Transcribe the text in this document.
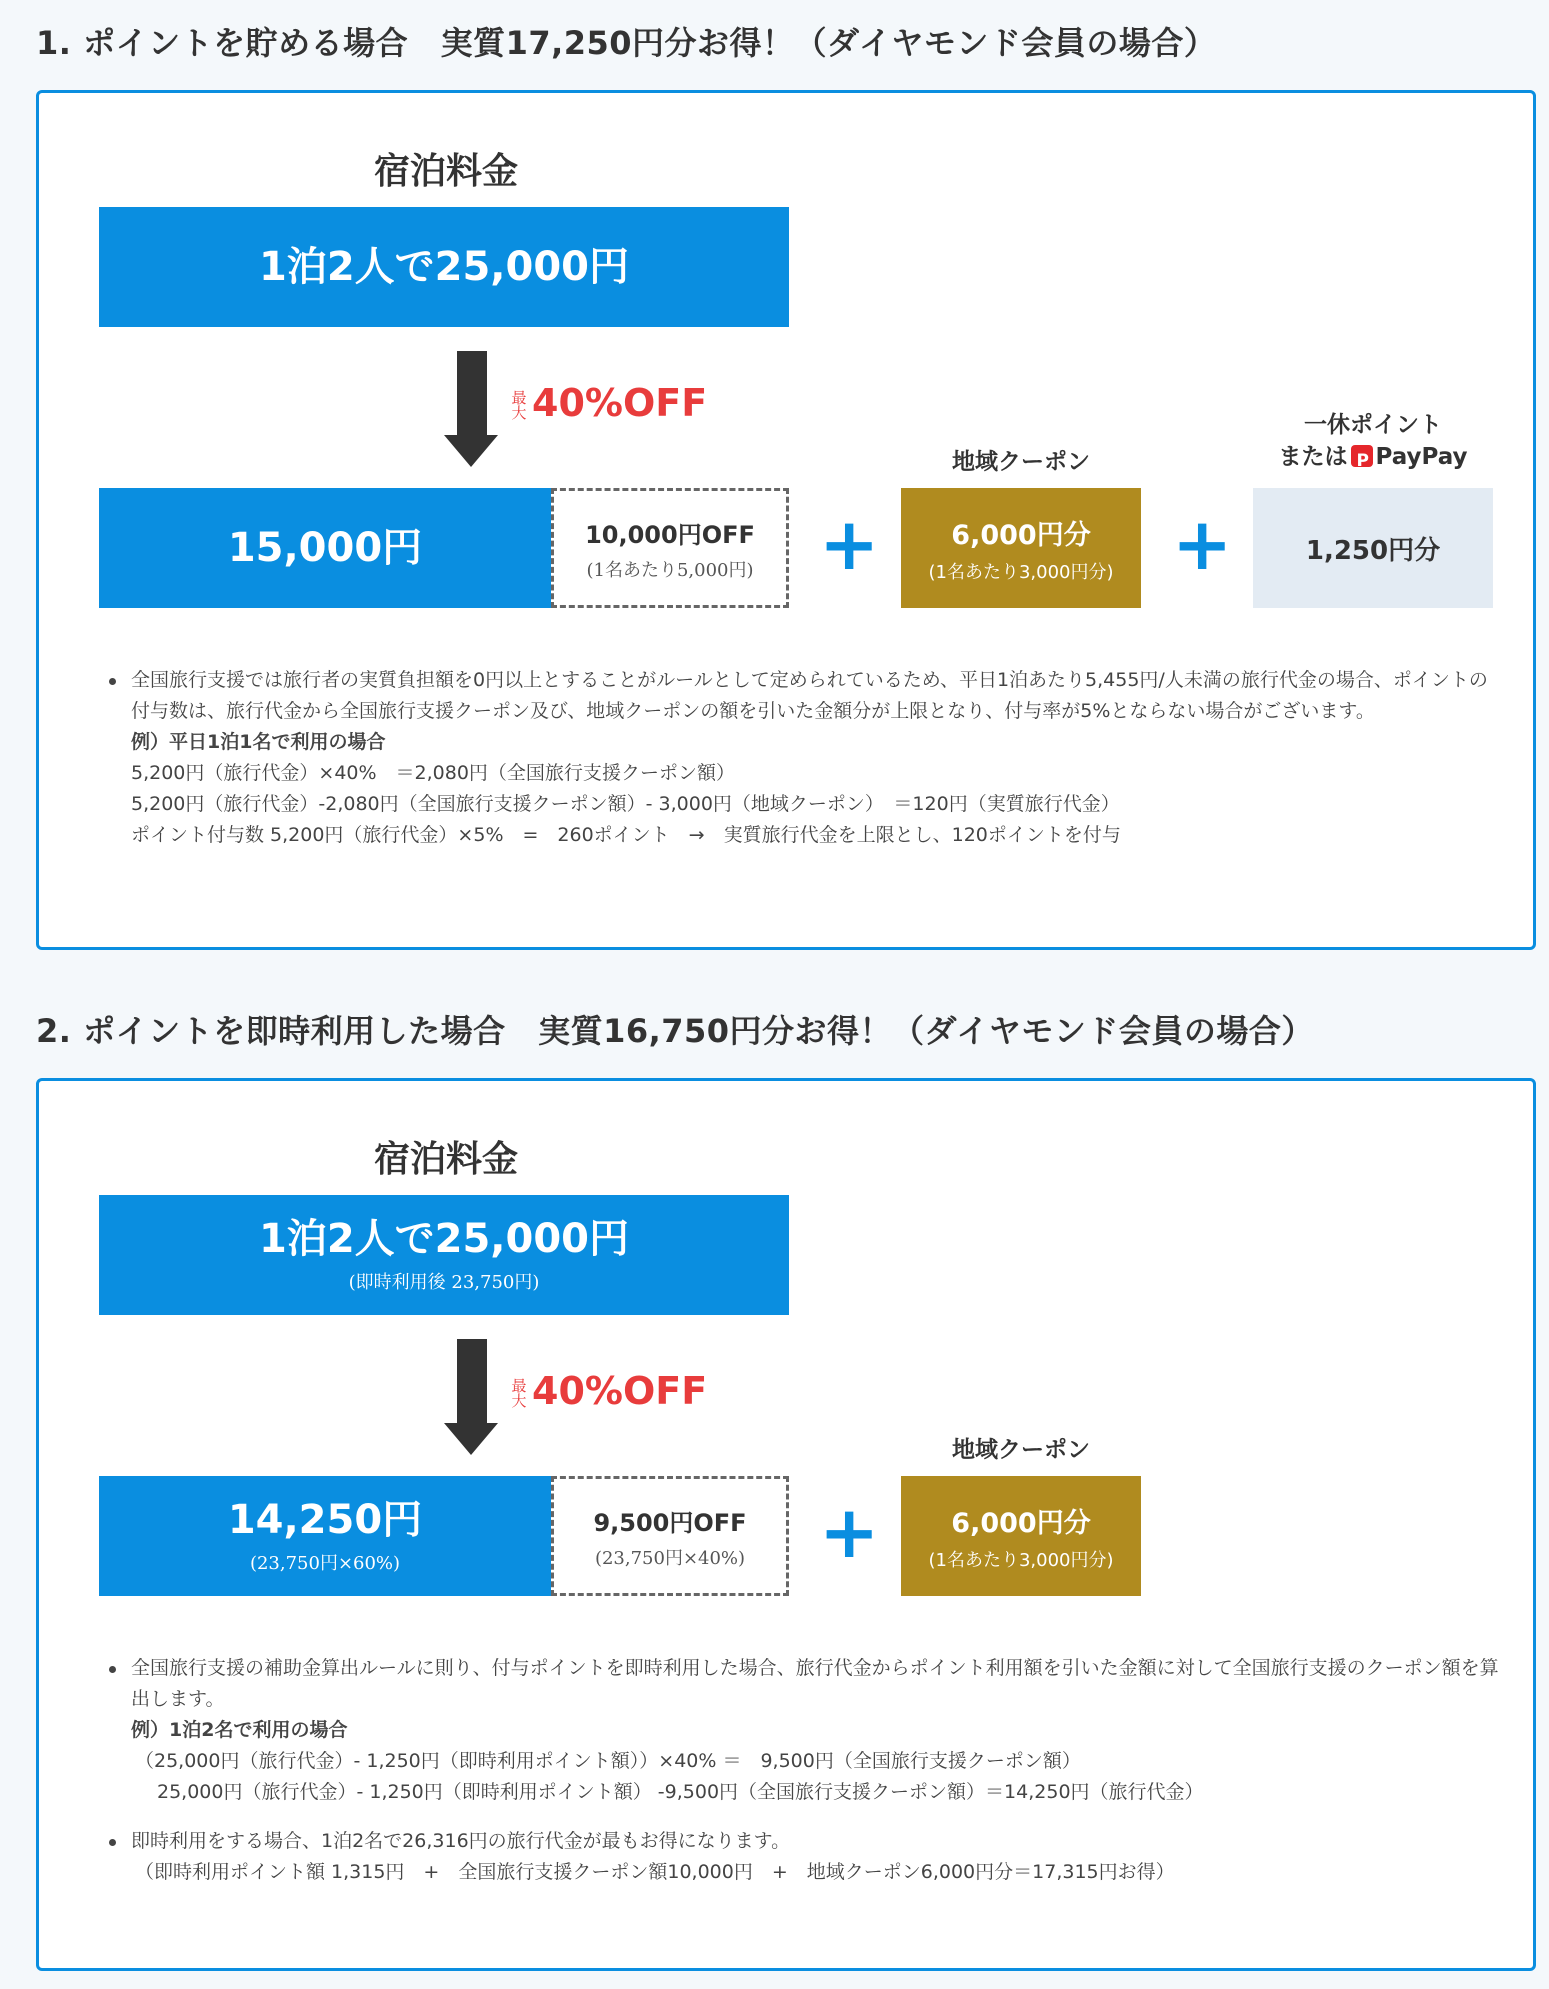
1. ポイントを貯める場合　実質17,250円分お得！（ダイヤモンド会員の場合）
宿泊料金
1泊2人で25,000円
最大 40%OFF
15,000円	10,000円OFF
(1名あたり5,000円) +
地域クーポン
6,000円分
(1名あたり3,000円分) +
一休ポイント
またはP PayPay
1,250円分
全国旅行支援では旅行者の実質負担額を0円以上とすることがルールとして定められているため、平日1泊あたり5,455円/人未満の旅行代金の場合、ポイントの付与数は、旅行代金から全国旅行支援クーポン及び、地域クーポンの額を引いた金額分が上限となり、付与率が5%とならない場合がございます。
例）平日1泊1名で利用の場合
5,200円（旅行代金）×40%　＝2,080円（全国旅行支援クーポン額）
5,200円（旅行代金）-2,080円（全国旅行支援クーポン額）- 3,000円（地域クーポン）　＝120円（実質旅行代金）
ポイント付与数 5,200円（旅行代金）×5%　=　260ポイント　→　実質旅行代金を上限とし、120ポイントを付与
2. ポイントを即時利用した場合　実質16,750円分お得！（ダイヤモンド会員の場合）
宿泊料金
1泊2人で25,000円
(即時利用後 23,750円)
最大 40%OFF
14,250円
(23,750円×60%)
9,500円OFF
(23,750円×40%) +
地域クーポン
6,000円分
(1名あたり3,000円分)
全国旅行支援の補助金算出ルールに則り、付与ポイントを即時利用した場合、旅行代金からポイント利用額を引いた金額に対して全国旅行支援のクーポン額を算出します。
例）1泊2名で利用の場合
（25,000円（旅行代金）- 1,250円（即時利用ポイント額））×40% ＝　9,500円（全国旅行支援クーポン額）
25,000円（旅行代金）- 1,250円（即時利用ポイント額） -9,500円（全国旅行支援クーポン額）＝14,250円（旅行代金）
即時利用をする場合、1泊2名で26,316円の旅行代金が最もお得になります。
（即時利用ポイント額 1,315円　+　全国旅行支援クーポン額10,000円　+　地域クーポン6,000円分＝17,315円お得）
